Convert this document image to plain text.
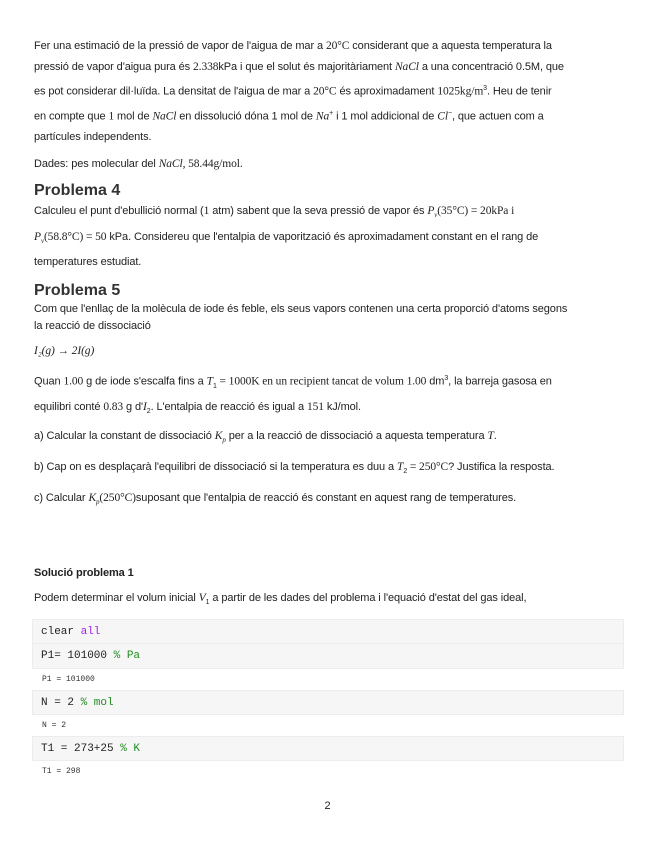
Fer una estimació de la pressió de vapor de l'aigua de mar a 20°C considerant que a aquesta temperatura la
pressió de vapor d'aigua pura és 2.338kPa i que el solut és majoritàriament NaCl a una concentració 0.5M, que
es pot considerar dil·luïda. La densitat de l'aigua de mar a 20°C és aproximadament $1025kg/m^3$. Heu de tenir
en compte que 1 mol de NaCl en dissolució dóna 1 mol de Na+ i 1 mol addicional de Cl−, que actuen com a
partícules independents.

Dades: pes molecular del NaCl, 58.44g/mol.

Problema 4

Calculeu el punt d'ebullició normal (1 atm) sabent que la seva pressió de vapor és $P_v(35^\circ C) = 20kPa$ i
$P_v(58.8^\circ C) = 50$ kPa. Considereu que l'entalpia de vaporització és aproximadament constant en el rang de
temperatures estudiat.

Problema 5

Com que l'enllaç de la molècula de iode és feble, els seus vapors contenen una certa proporció d'atoms segons
la reacció de dissociació

I₂(g) → 2I(g)

Quan 1.00 g de iode s'escalfa fins a $T_1 = 1000K$ en un recipient tancat de volum 1.00 $dm^3$, la barreja gasosa en
equilibri conté 0.83 g $d'I_2$. L'entalpia de reacció és igual a 151 kJ/mol.

a) Calcular la constant de dissociació $K_p$ per a la reacció de dissociació a aquesta temperatura T.

b) Cap on es desplaçarà l'equilibri de dissociació si la temperatura es duu a $T_2 = 250^\circ C$? Justifica la resposta.

c) Calcular $K_p(250^\circ C)suposant$ que l'entalpia de reacció és constant en aquest rang de temperatures.

Solució problema 1

Podem determinar el volum inicial $V_1$ a partir de les dades del problema i l'equació d'estat del gas ideal,

clear all
P1= 101000 % Pa
P1 = 101000
N = 2 % mol
N = 2
T1 = 273+25 % K
T1 = 298
2
